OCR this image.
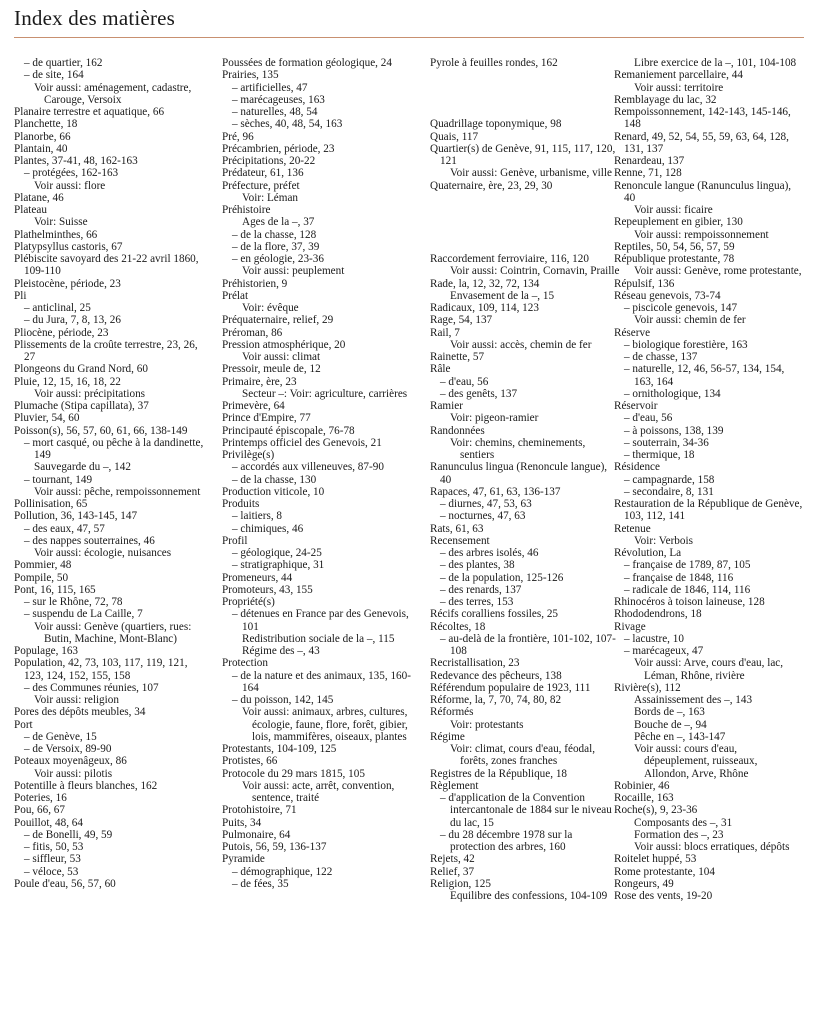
Index des matières
– de quartier, 162
– de site, 164
Voir aussi: aménagement, cadastre, Carouge, Versoix
Planaire terrestre et aquatique, 66
Planchette, 18
Planorbe, 66
Plantain, 40
Plantes, 37-41, 48, 162-163
– protégées, 162-163
Voir aussi: flore
Platane, 46
Plateau
Voir: Suisse
Plathelminthes, 66
Platypsyllus castoris, 67
Plébiscite savoyard des 21-22 avril 1860, 109-110
Pleistocène, période, 23
Pli
– anticlinal, 25
– du Jura, 7, 8, 13, 26
Pliocène, période, 23
Plissements de la croûte terrestre, 23, 26, 27
Plongeons du Grand Nord, 60
Pluie, 12, 15, 16, 18, 22
Voir aussi: précipitations
Plumache (Stipa capillata), 37
Pluvier, 54, 60
Poisson(s), 56, 57, 60, 61, 66, 138-149
– mort casqué, ou pêche à la dandinette, 149
Sauvegarde du –, 142
– tournant, 149
Voir aussi: pêche, rempoissonnement
Pollinisation, 65
Pollution, 36, 143-145, 147
– des eaux, 47, 57
– des nappes souterraines, 46
Voir aussi: écologie, nuisances
Pommier, 48
Pompile, 50
Pont, 16, 115, 165
– sur le Rhône, 72, 78
– suspendu de La Caille, 7
Voir aussi: Genève (quartiers, rues: Butin, Machine, Mont-Blanc)
Populage, 163
Population, 42, 73, 103, 117, 119, 121, 123, 124, 152, 155, 158
– des Communes réunies, 107
Voir aussi: religion
Pores des dépôts meubles, 34
Port
– de Genève, 15
– de Versoix, 89-90
Poteaux moyenâgeux, 86
Voir aussi: pilotis
Potentille à fleurs blanches, 162
Poteries, 16
Pou, 66, 67
Pouillot, 48, 64
– de Bonelli, 49, 59
– fitis, 50, 53
– siffleur, 53
– véloce, 53
Poule d'eau, 56, 57, 60
Poussées de formation géologique, 24
Prairies, 135
– artificielles, 47
– marécageuses, 163
– naturelles, 48, 54
– sèches, 40, 48, 54, 163
Pré, 96
Précambrien, période, 23
Précipitations, 20-22
Prédateur, 61, 136
Préfecture, préfet
Voir: Léman
Préhistoire
Ages de la –, 37
– de la chasse, 128
– de la flore, 37, 39
– en géologie, 23-36
Voir aussi: peuplement
Préhistorien, 9
Prélat
Voir: évêque
Préquaternaire, relief, 29
Préroman, 86
Pression atmosphérique, 20
Voir aussi: climat
Pressoir, meule de, 12
Primaire, ère, 23
Secteur –: Voir: agriculture, carrières
Primevère, 64
Prince d'Empire, 77
Principauté épiscopale, 76-78
Printemps officiel des Genevois, 21
Privilège(s)
– accordés aux villeneuves, 87-90
– de la chasse, 130
Production viticole, 10
Produits
– laitiers, 8
– chimiques, 46
Profil
– géologique, 24-25
– stratigraphique, 31
Promeneurs, 44
Promoteurs, 43, 155
Propriété(s)
– détenues en France par des Genevois, 101
Redistribution sociale de la –, 115
Régime des –, 43
Protection
– de la nature et des animaux, 135, 160-164
– du poisson, 142, 145
Voir aussi: animaux, arbres, cultures, écologie, faune, flore, forêt, gibier, lois, mammifères, oiseaux, plantes
Protestants, 104-109, 125
Protistes, 66
Protocole du 29 mars 1815, 105
Voir aussi: acte, arrêt, convention, sentence, traité
Protohistoire, 71
Puits, 34
Pulmonaire, 64
Putois, 56, 59, 136-137
Pyramide
– démographique, 122
– de fées, 35
Pyrole à feuilles rondes, 162
Quadrillage toponymique, 98
Quais, 117
Quartier(s) de Genève, 91, 115, 117, 120, 121
Voir aussi: Genève, urbanisme, ville
Quaternaire, ère, 23, 29, 30
Raccordement ferroviaire, 116, 120
Voir aussi: Cointrin, Cornavin, Praille
Rade, la, 12, 32, 72, 134
Envasement de la –, 15
Radicaux, 109, 114, 123
Rage, 54, 137
Rail, 7
Voir aussi: accès, chemin de fer
Rainette, 57
Râle
– d'eau, 56
– des genêts, 137
Ramier
Voir: pigeon-ramier
Randonnées
Voir: chemins, cheminements, sentiers
Ranunculus lingua (Renoncule langue), 40
Rapaces, 47, 61, 63, 136-137
– diurnes, 47, 53, 63
– nocturnes, 47, 63
Rats, 61, 63
Recensement
– des arbres isolés, 46
– des plantes, 38
– de la population, 125-126
– des renards, 137
– des terres, 153
Récifs coralliens fossiles, 25
Récoltes, 18
– au-delà de la frontière, 101-102, 107-108
Recristallisation, 23
Redevance des pêcheurs, 138
Référendum populaire de 1923, 111
Réforme, la, 7, 70, 74, 80, 82
Réformés
Voir: protestants
Régime
Voir: climat, cours d'eau, féodal, forêts, zones franches
Registres de la République, 18
Règlement
– d'application de la Convention intercantonale de 1884 sur le niveau du lac, 15
– du 28 décembre 1978 sur la protection des arbres, 160
Rejets, 42
Relief, 37
Religion, 125
Equilibre des confessions, 104-109
Libre exercice de la –, 101, 104-108
Remaniement parcellaire, 44
Voir aussi: territoire
Remblayage du lac, 32
Rempoissonnement, 142-143, 145-146, 148
Renard, 49, 52, 54, 55, 59, 63, 64, 128, 131, 137
Renardeau, 137
Renne, 71, 128
Renoncule langue (Ranunculus lingua), 40
Voir aussi: ficaire
Repeuplement en gibier, 130
Voir aussi: rempoissonnement
Reptiles, 50, 54, 56, 57, 59
République protestante, 78
Voir aussi: Genève, rome protestante,
Répulsif, 136
Réseau genevois, 73-74
– piscicole genevois, 147
Voir aussi: chemin de fer
Réserve
– biologique forestière, 163
– de chasse, 137
– naturelle, 12, 46, 56-57, 134, 154, 163, 164
– ornithologique, 134
Réservoir
– d'eau, 56
– à poissons, 138, 139
– souterrain, 34-36
– thermique, 18
Résidence
– campagnarde, 158
– secondaire, 8, 131
Restauration de la République de Genève, 103, 112, 141
Retenue
Voir: Verbois
Révolution, La
– française de 1789, 87, 105
– française de 1848, 116
– radicale de 1846, 114, 116
Rhinocéros à toison laineuse, 128
Rhododendrons, 18
Rivage
– lacustre, 10
– marécageux, 47
Voir aussi: Arve, cours d'eau, lac, Léman, Rhône, rivière
Rivière(s), 112
Assainissement des –, 143
Bords de –, 163
Bouche de –, 94
Pêche en –, 143-147
Voir aussi: cours d'eau, dépeuplement, ruisseaux, Allondon, Arve, Rhône
Robinier, 46
Rocaille, 163
Roche(s), 9, 23-36
Composants des –, 31
Formation des –, 23
Voir aussi: blocs erratiques, dépôts
Roitelet huppé, 53
Rome protestante, 104
Rongeurs, 49
Rose des vents, 19-20
